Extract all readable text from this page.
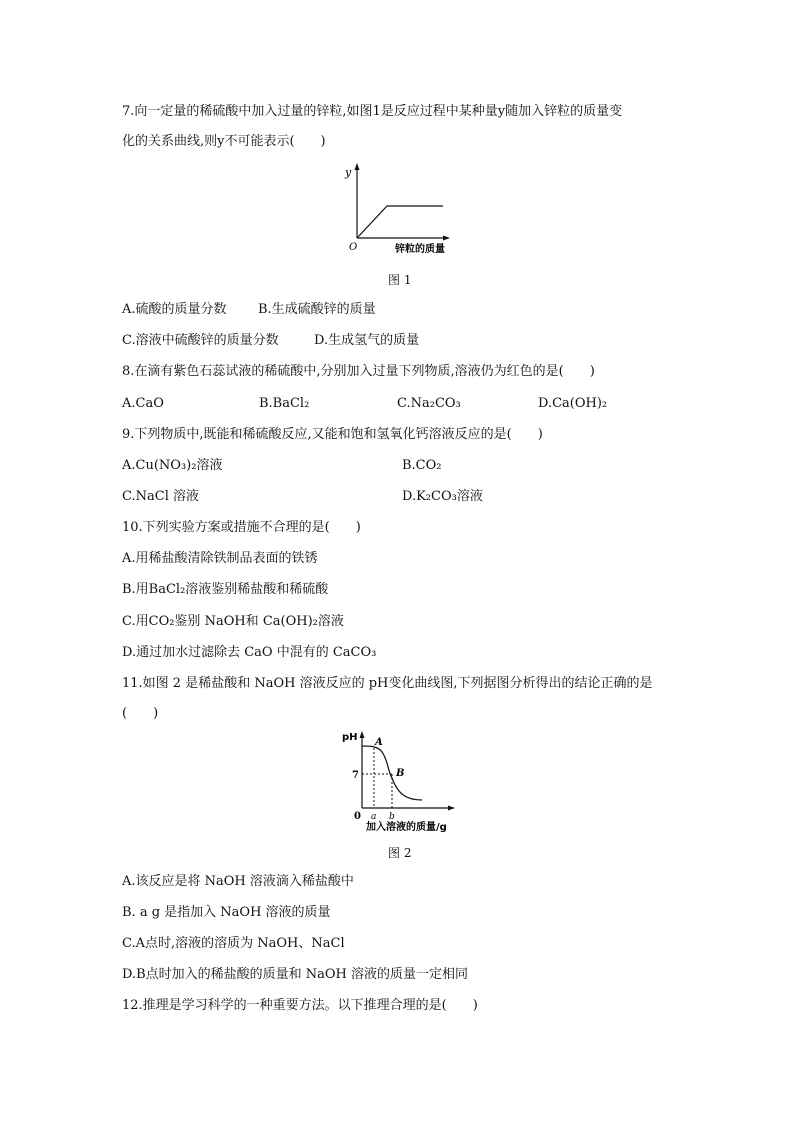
7.向一定量的稀硫酸中加入过量的锌粒,如图1是反应过程中某种量y随加入锌粒的质量变
化的关系曲线,则y不可能表示(　　)
y
O	锌粒的质量
图 1
A.硫酸的质量分数 B.生成硫酸锌的质量
C.溶液中硫酸锌的质量分数	D.生成氢气的质量
8.在滴有紫色石蕊试液的稀硫酸中,分别加入过量下列物质,溶液仍为红色的是(　　)
A.CaO	B.BaCl₂	C.Na₂CO₃	D.Ca(OH)₂
9.下列物质中,既能和稀硫酸反应,又能和饱和氢氧化钙溶液反应的是(　　)
A.Cu(NO₃)₂溶液	B.CO₂
C.NaCl 溶液	D.K₂CO₃溶液
10.下列实验方案或措施不合理的是(　　)
A.用稀盐酸清除铁制品表面的铁锈
B.用BaCl₂溶液鉴别稀盐酸和稀硫酸
C.用CO₂鉴别 NaOH和 Ca(OH)₂溶液
D.通过加水过滤除去 CaO 中混有的 CaCO₃
11.如图 2 是稀盐酸和 NaOH 溶液反应的 pH变化曲线图,下列据图分析得出的结论正确的是
(　　)
pH
7
0
A
B
a b
加入溶液的质量/g
图 2
A.该反应是将 NaOH 溶液滴入稀盐酸中
B. a g 是指加入 NaOH 溶液的质量
C.A点时,溶液的溶质为 NaOH、NaCl
D.B点时加入的稀盐酸的质量和 NaOH 溶液的质量一定相同
12.推理是学习科学的一种重要方法。以下推理合理的是(　　)
